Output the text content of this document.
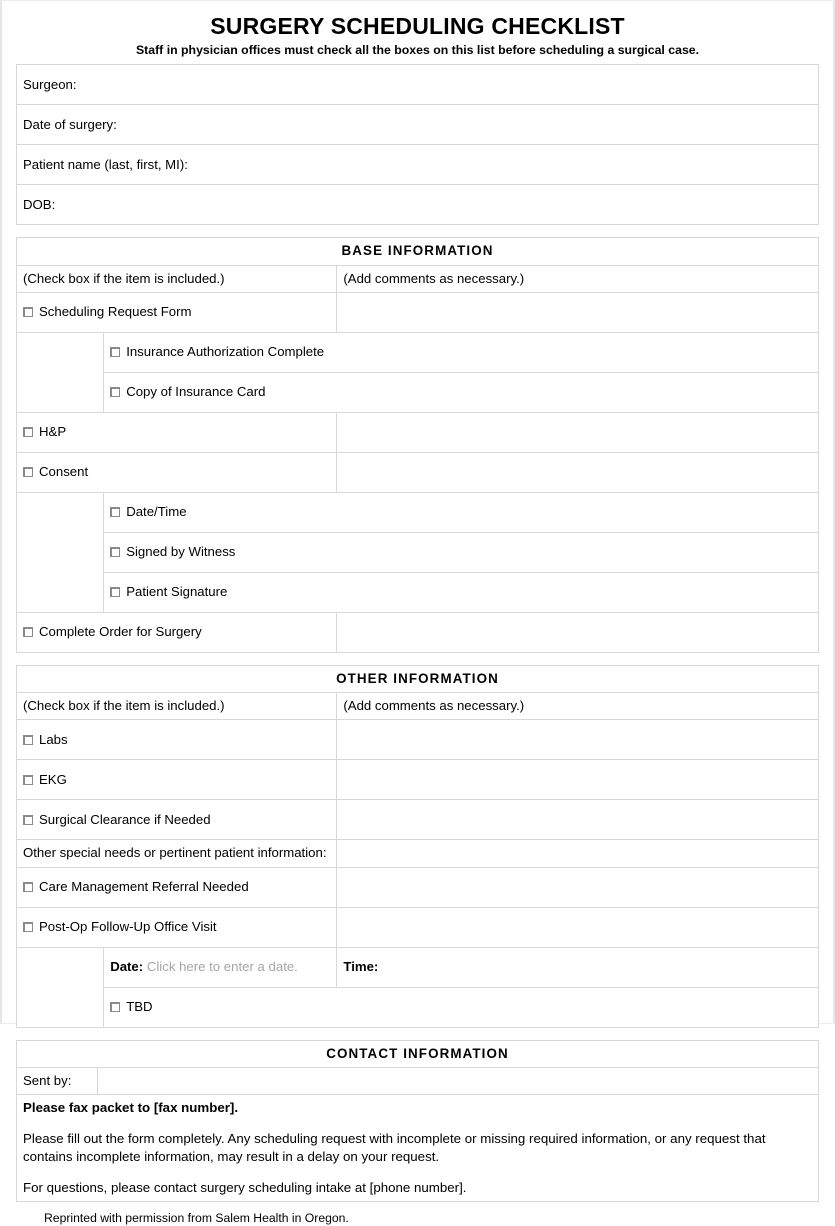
SURGERY SCHEDULING CHECKLIST
Staff in physician offices must check all the boxes on this list before scheduling a surgical case.
Surgeon:
Date of surgery:
Patient name (last, first, MI):
DOB:
BASE INFORMATION		
(Check box if the item is included.)		(Add comments as necessary.)
Scheduling Request Form		
	Insurance Authorization Complete	
	Copy of Insurance Card	
H&P		
Consent		
	Date/Time	
	Signed by Witness	
	Patient Signature	
Complete Order for Surgery		
OTHER INFORMATION		
(Check box if the item is included.)		(Add comments as necessary.)
Labs		
EKG		
Surgical Clearance if Needed		
Other special needs or pertinent patient information:		
Care Management Referral Needed		
Post-Op Follow-Up Office Visit		
	Date: Click here to enter a date.	Time:
	TBD	
CONTACT INFORMATION
Sent by:	

Please fax packet to [fax number].

Please fill out the form completely. Any scheduling request with incomplete or missing required information, or any request that contains incomplete information, may result in a delay on your request.

For questions, please contact surgery scheduling intake at [phone number].

Reprinted with permission from Salem Health in Oregon.
